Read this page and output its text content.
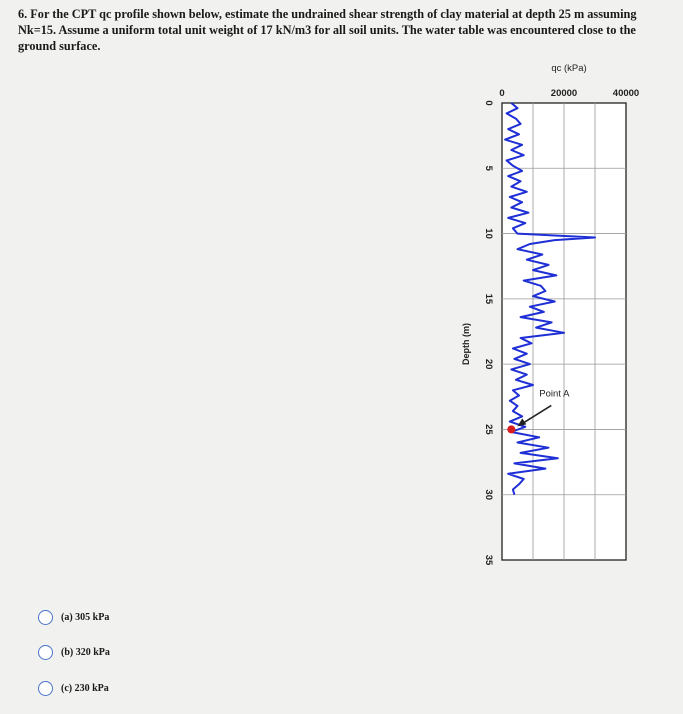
6. For the CPT qc profile shown below, estimate the undrained shear strength of clay material at depth 25 m assuming Nk=15. Assume a uniform total unit weight of 17 kN/m3 for all soil units. The water table was encountered close to the ground surface.

0	20000	40000
0
5
10
15
20
25
30
35
qc (kPa)
Depth (m)
Point A
(a) 305 kPa
(b) 320 kPa
(c) 230 kPa
